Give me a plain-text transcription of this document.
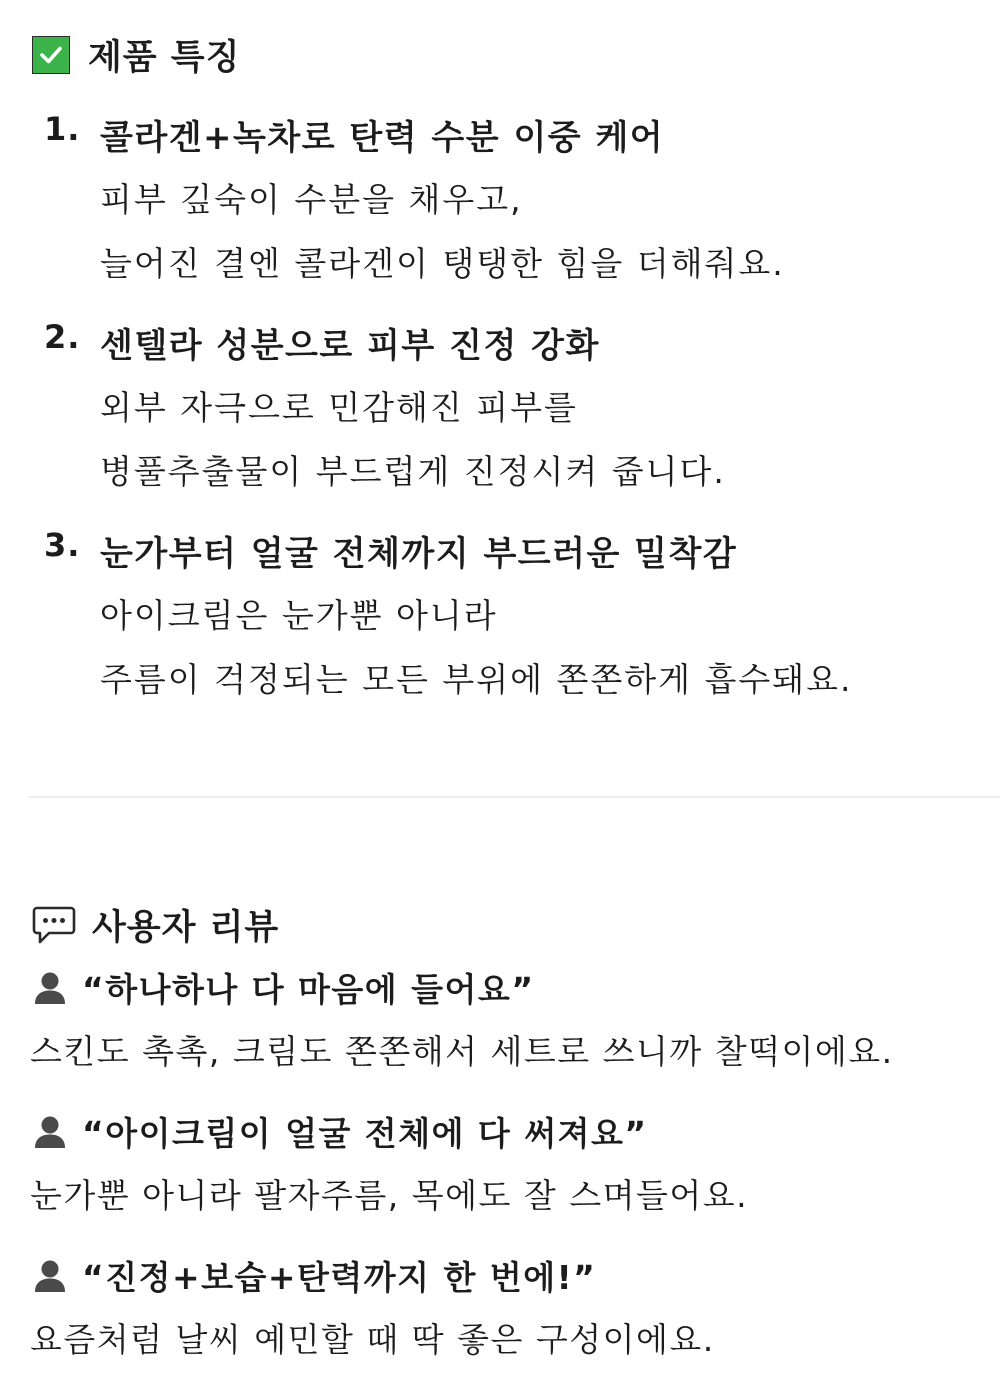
제품 특징
1. 콜라겐+녹차로 탄력 수분 이중 케어
피부 깊숙이 수분을 채우고,
늘어진 결엔 콜라겐이 탱탱한 힘을 더해줘요.
2. 센텔라 성분으로 피부 진정 강화
외부 자극으로 민감해진 피부를
병풀추출물이 부드럽게 진정시켜 줍니다.
3. 눈가부터 얼굴 전체까지 부드러운 밀착감
아이크림은 눈가뿐 아니라
주름이 걱정되는 모든 부위에 쫀쫀하게 흡수돼요.
사용자 리뷰
“하나하나 다 마음에 들어요”
스킨도 촉촉, 크림도 쫀쫀해서 세트로 쓰니까 찰떡이에요.
“아이크림이 얼굴 전체에 다 써져요”
눈가뿐 아니라 팔자주름, 목에도 잘 스며들어요.
“진정+보습+탄력까지 한 번에!”
요즘처럼 날씨 예민할 때 딱 좋은 구성이에요.
